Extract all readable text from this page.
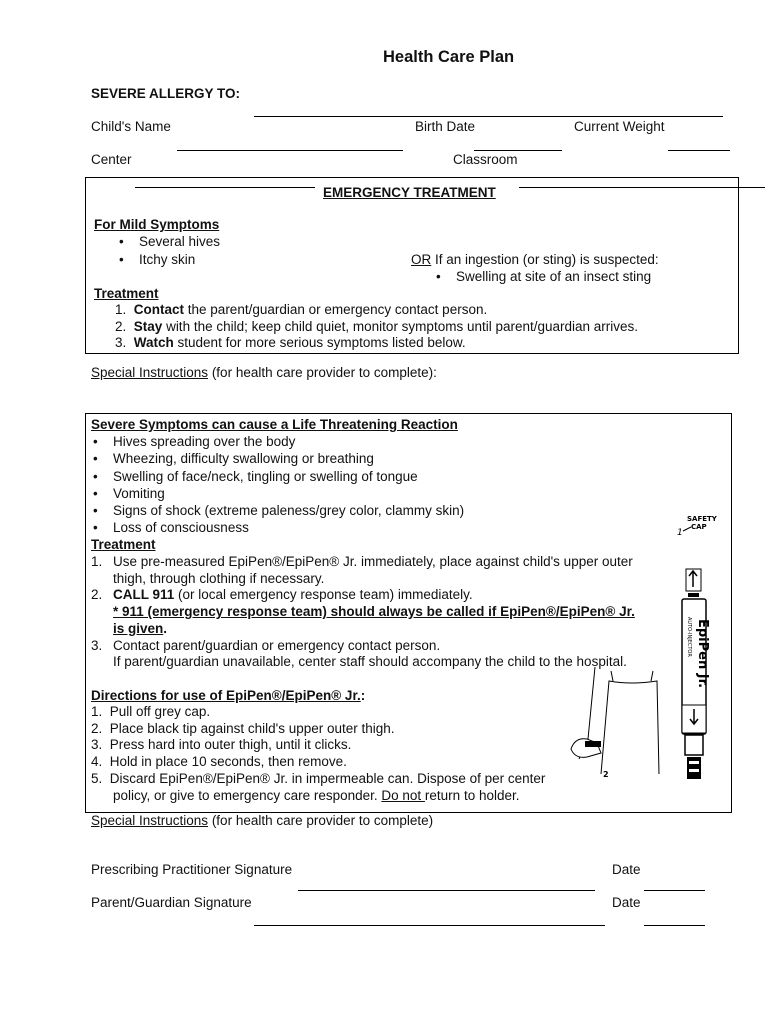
Health Care Plan
SEVERE ALLERGY TO:
Child's Name	Birth Date	Current Weight
Center	Classroom
EMERGENCY TREATMENT
For Mild Symptoms
• Several hives
• Itchy skin	OR If an ingestion (or sting) is suspected:
• Swelling at site of an insect sting
Treatment
1. Contact the parent/guardian or emergency contact person.
2. Stay with the child; keep child quiet, monitor symptoms until parent/guardian arrives.
3. Watch student for more serious symptoms listed below.
Special Instructions (for health care provider to complete):
Severe Symptoms can cause a Life Threatening Reaction
• Hives spreading over the body
• Wheezing, difficulty swallowing or breathing
• Swelling of face/neck, tingling or swelling of tongue
• Vomiting
• Signs of shock (extreme paleness/grey color, clammy skin)
• Loss of consciousness
Treatment
1. Use pre-measured EpiPen®/EpiPen® Jr. immediately, place against child's upper outer
thigh, through clothing if necessary.
2. CALL 911 (or local emergency response team) immediately.
* 911 (emergency response team) should always be called if EpiPen®/EpiPen® Jr.
is given.
3. Contact parent/guardian or emergency contact person.
If parent/guardian unavailable, center staff should accompany the child to the hospital.
Directions for use of EpiPen®/EpiPen® Jr.:
1. Pull off grey cap.
2. Place black tip against child's upper outer thigh.
3. Press hard into outer thigh, until it clicks.
4. Hold in place 10 seconds, then remove.
5. Discard EpiPen®/EpiPen® Jr. in impermeable can. Dispose of per center
policy, or give to emergency care responder. Do not return to holder.
SAFETY
CAP
1
EpiPen Jr.
AUTO-INJECTOR
2
Special Instructions (for health care provider to complete)
Prescribing Practitioner Signature	Date
Parent/Guardian Signature	Date
